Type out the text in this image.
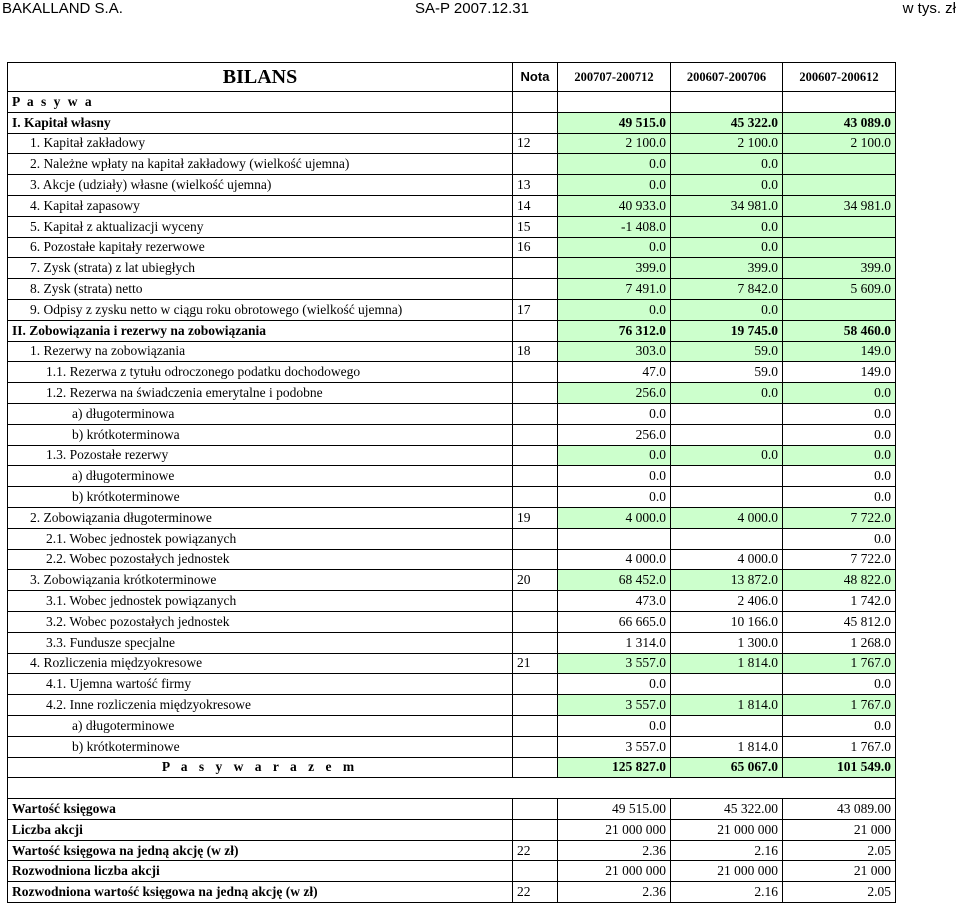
BAKALLAND S.A.	SA-P 2007.12.31	w tys. zł
BILANS	Nota	200707-200712	200607-200706	200607-200612
P a s y w a				
I. Kapitał własny		49 515.0	45 322.0	43 089.0
1. Kapitał zakładowy	12	2 100.0	2 100.0	2 100.0
2. Należne wpłaty na kapitał zakładowy (wielkość ujemna)		0.0	0.0	
3. Akcje (udziały) własne (wielkość ujemna)	13	0.0	0.0	
4. Kapitał zapasowy	14	40 933.0	34 981.0	34 981.0
5. Kapitał z aktualizacji wyceny	15	-1 408.0	0.0	
6. Pozostałe kapitały rezerwowe	16	0.0	0.0	
7. Zysk (strata) z lat ubiegłych		399.0	399.0	399.0
8. Zysk (strata) netto		7 491.0	7 842.0	5 609.0
9. Odpisy z zysku netto w ciągu roku obrotowego (wielkość ujemna)	17	0.0	0.0	
II. Zobowiązania i rezerwy na zobowiązania		76 312.0	19 745.0	58 460.0
1. Rezerwy na zobowiązania	18	303.0	59.0	149.0
1.1. Rezerwa z tytułu odroczonego podatku dochodowego		47.0	59.0	149.0
1.2. Rezerwa na świadczenia emerytalne i podobne		256.0	0.0	0.0
a) długoterminowa		0.0		0.0
b) krótkoterminowa		256.0		0.0
1.3. Pozostałe rezerwy		0.0	0.0	0.0
a) długoterminowe		0.0		0.0
b) krótkoterminowe		0.0		0.0
2. Zobowiązania długoterminowe	19	4 000.0	4 000.0	7 722.0
2.1. Wobec jednostek powiązanych				0.0
2.2. Wobec pozostałych jednostek		4 000.0	4 000.0	7 722.0
3. Zobowiązania krótkoterminowe	20	68 452.0	13 872.0	48 822.0
3.1. Wobec jednostek powiązanych		473.0	2 406.0	1 742.0
3.2. Wobec pozostałych jednostek		66 665.0	10 166.0	45 812.0
3.3. Fundusze specjalne		1 314.0	1 300.0	1 268.0
4. Rozliczenia międzyokresowe	21	3 557.0	1 814.0	1 767.0
4.1. Ujemna wartość firmy		0.0		0.0
4.2. Inne rozliczenia międzyokresowe		3 557.0	1 814.0	1 767.0
a) długoterminowe		0.0		0.0
b) krótkoterminowe		3 557.0	1 814.0	1 767.0
P a s y w a r a z e m		125 827.0	65 067.0	101 549.0

Wartość księgowa		49 515.00	45 322.00	43 089.00
Liczba akcji		21 000 000	21 000 000	21 000
Wartość księgowa na jedną akcję (w zł)	22	2.36	2.16	2.05
Rozwodniona liczba akcji		21 000 000	21 000 000	21 000
Rozwodniona wartość księgowa na jedną akcję (w zł)	22	2.36	2.16	2.05
